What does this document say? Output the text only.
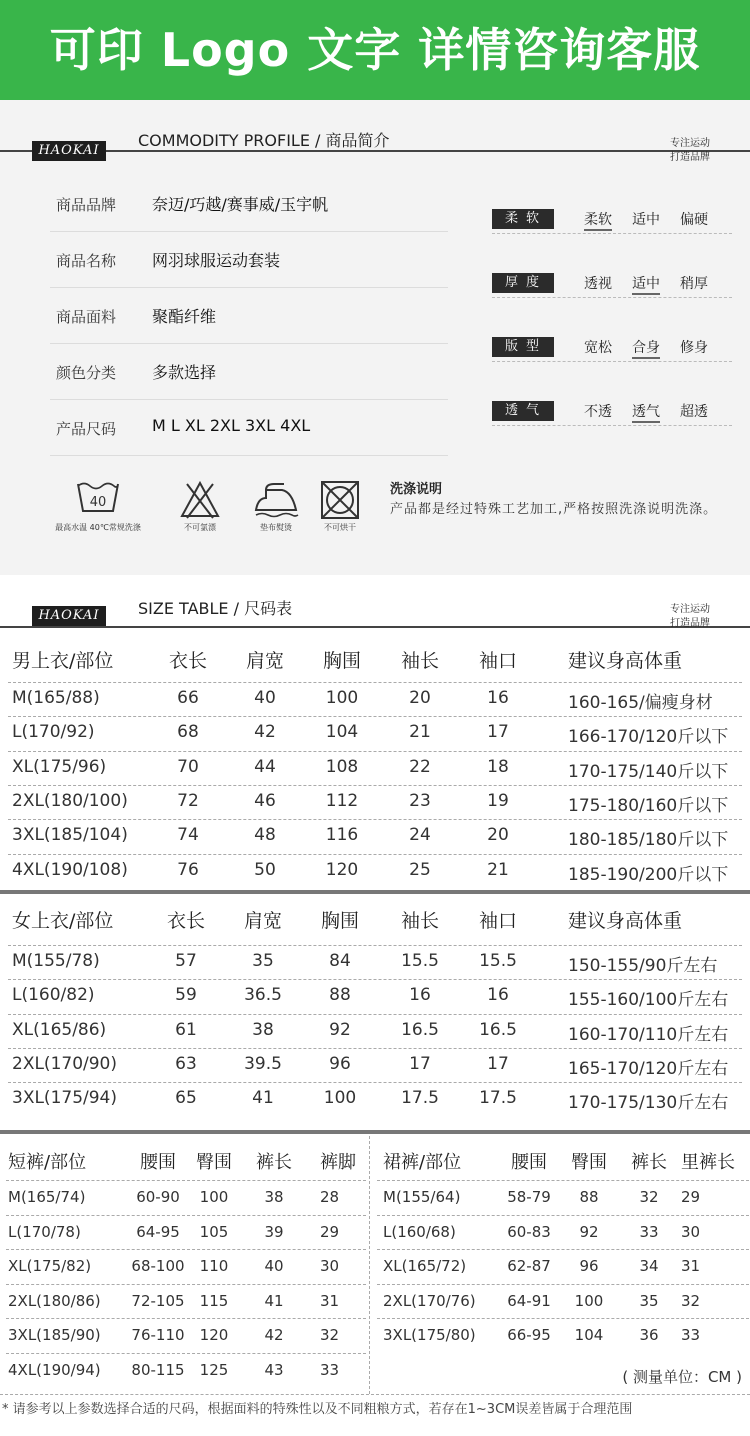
可印 Logo 文字 详情咨询客服
HAOKAI
COMMODITY PROFILE / 商品简介	专注运动
打造品牌
商品品牌 奈迈/巧越/赛事威/玉宇帆
商品名称 网羽球服运动套装
商品面料 聚酯纤维
颜色分类 多款选择
产品尺码 M L XL 2XL 3XL 4XL
柔软	柔软 适中 偏硬
厚度	透视 适中 稍厚
版型	宽松 合身 修身
透气	不透 透气 超透
40
最高水温 40℃常规洗涤	不可氯漂	垫布熨烫	不可烘干
洗涤说明
产品都是经过特殊工艺加工,严格按照洗涤说明洗涤。
HAOKAI	SIZE TABLE / 尺码表	专注运动
打造品牌
男上衣/部位	衣长 肩宽 胸围 袖长 袖口	建议身高体重
M(165/88)	66	40	100	20	16	160-165/偏瘦身材
L(170/92)	68	42	104	21	17	166-170/120斤以下
XL(175/96)	70	44	108	22	18	170-175/140斤以下
2XL(180/100)	72	46	112	23	19	175-180/160斤以下
3XL(185/104)	74	48	116	24	20	180-185/180斤以下
4XL(190/108)	76	50	120	25	21	185-190/200斤以下
女上衣/部位	衣长 肩宽 胸围 袖长 袖口	建议身高体重
M(155/78)	57	35	84	15.5 15.5	150-155/90斤左右
L(160/82)	59	36.5	88	16	16	155-160/100斤左右
XL(165/86)	61	38	92	16.5 16.5	160-170/110斤左右
2XL(170/90)	63	39.5	96	17	17	165-170/120斤左右
3XL(175/94)	65	41	100	17.5 17.5	170-175/130斤左右
短裤/部位	腰围 臀围 裤长 裤脚
M(165/74)	60-90 100 38 28
L(170/78)	64-95 105 39 29
XL(175/82)	68-100 110 40 30
2XL(180/86) 72-105 115 41 31
3XL(185/90) 76-110 120 42 32
4XL(190/94) 80-115 125 43 33
裙裤/部位	腰围 臀围 裤长 里裤长
M(155/64)	58-79 88	32 29
L(160/68)	60-83 92	33 30
XL(165/72)	62-87 96	34 31
2XL(170/76) 64-91 100 35 32
3XL(175/80) 66-95 104 36 33
( 测量单位：CM )
* 请参考以上参数选择合适的尺码，根据面料的特殊性以及不同粗粮方式，若存在1~3CM误差皆属于合理范围
